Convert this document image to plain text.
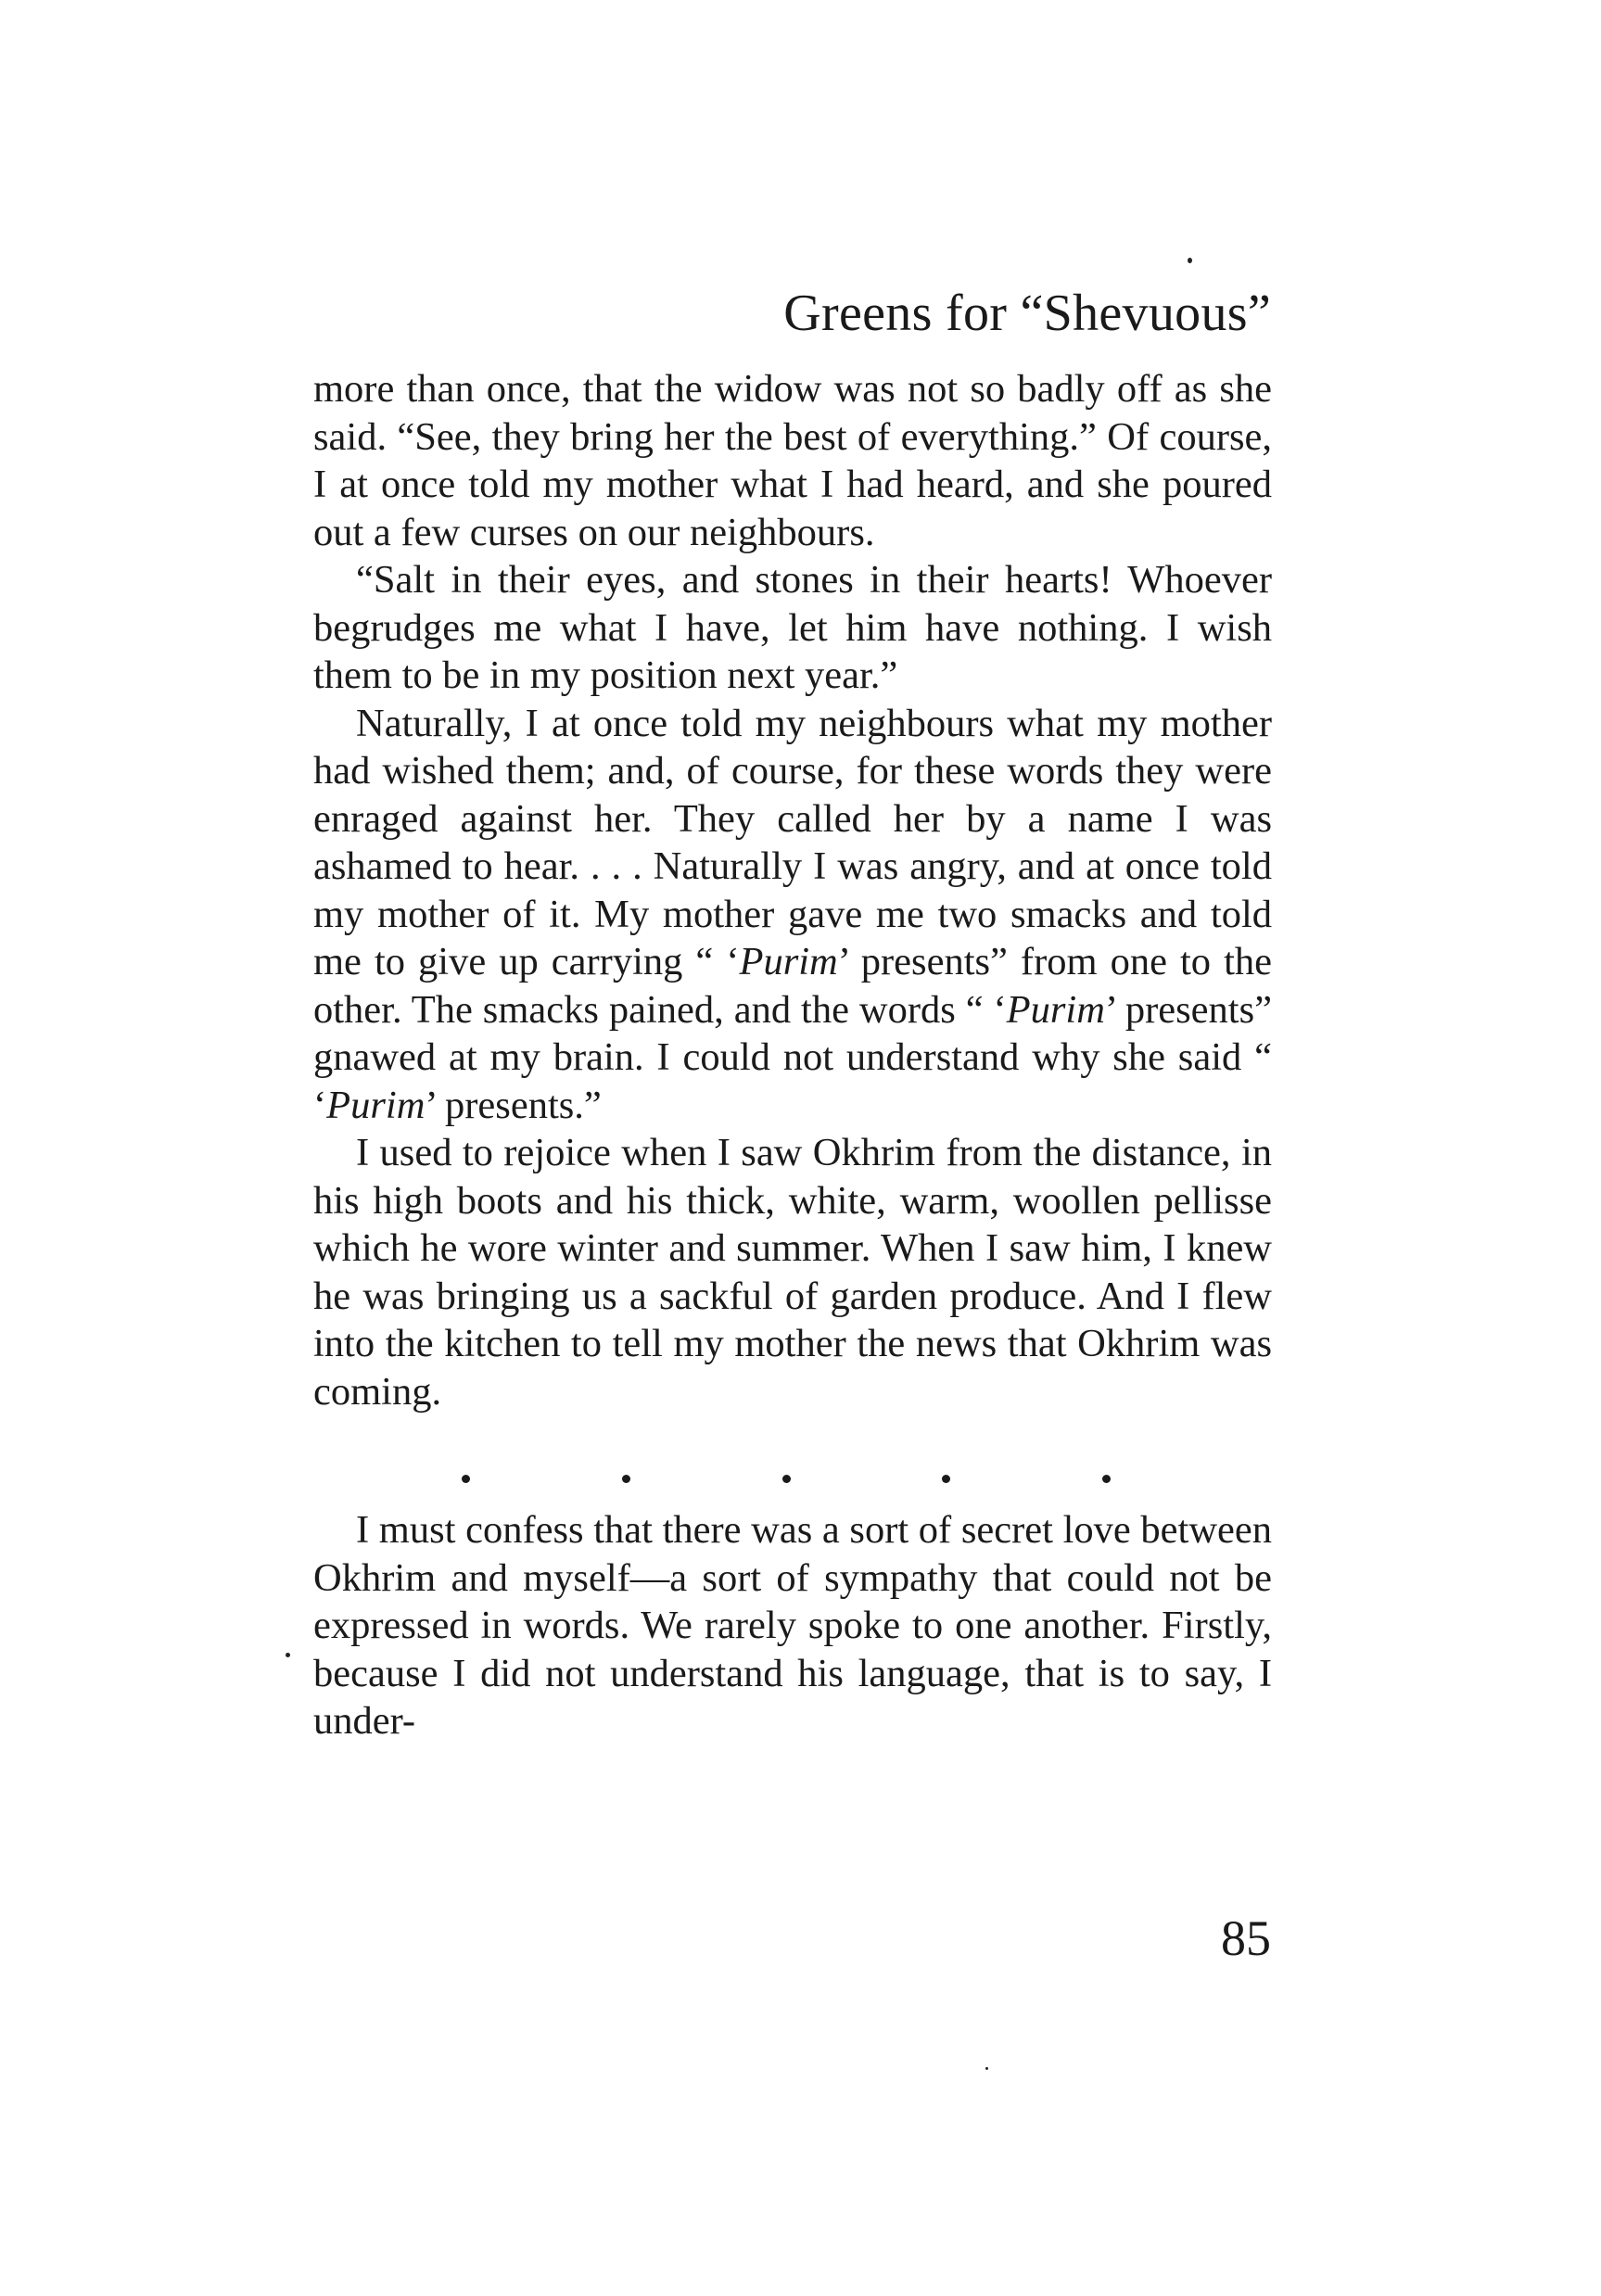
Greens for “Shevuous”

more than once, that the widow was not so badly off as she said. “See, they bring her the best of everything.” Of course, I at once told my mother what I had heard, and she poured out a few curses on our neighbours.

“Salt in their eyes, and stones in their hearts! Whoever begrudges me what I have, let him have nothing. I wish them to be in my position next year.”

Naturally, I at once told my neighbours what my mother had wished them; and, of course, for these words they were enraged against her. They called her by a name I was ashamed to hear. . . . Naturally I was angry, and at once told my mother of it. My mother gave me two smacks and told me to give up carrying “ ‘Purim’ presents” from one to the other. The smacks pained, and the words “ ‘Purim’ presents” gnawed at my brain. I could not understand why she said “ ‘Purim’ presents.”

I used to rejoice when I saw Okhrim from the distance, in his high boots and his thick, white, warm, woollen pellisse which he wore winter and summer. When I saw him, I knew he was bringing us a sackful of garden produce. And I flew into the kitchen to tell my mother the news that Okhrim was coming.

I must confess that there was a sort of secret love between Okhrim and myself—a sort of sympathy that could not be expressed in words. We rarely spoke to one another. Firstly, because I did not understand his language, that is to say, I under-

85
